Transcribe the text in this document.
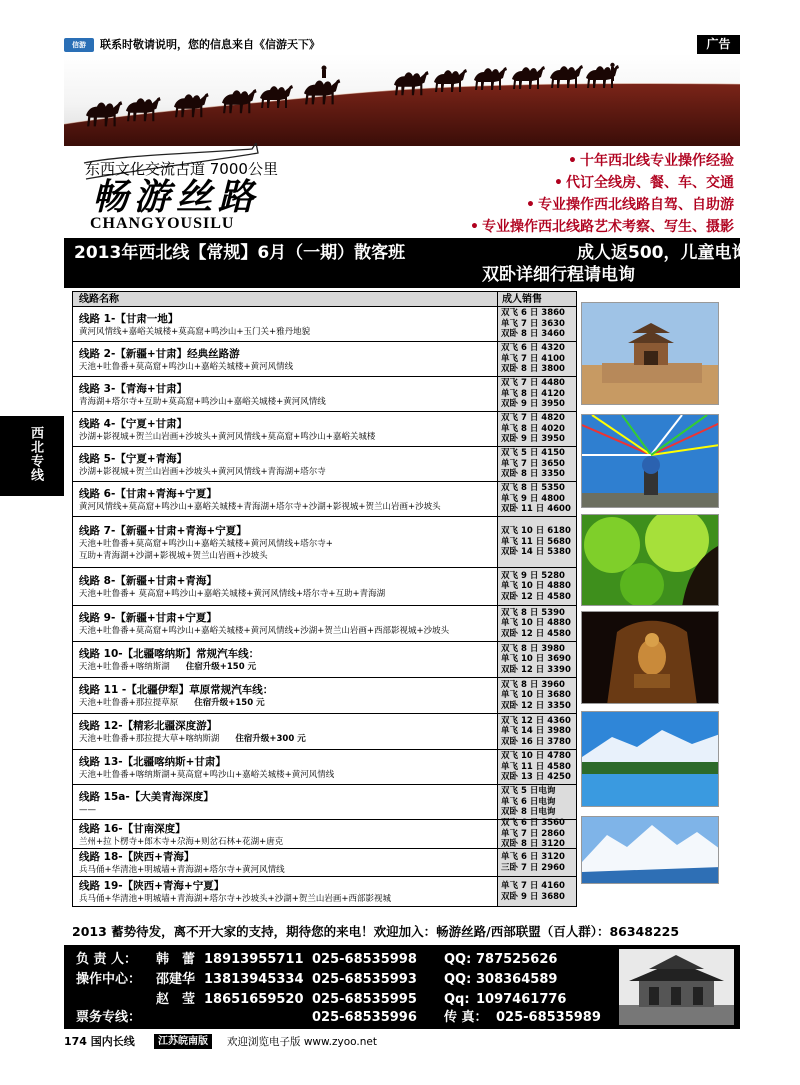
信游	联系时敬请说明，您的信息来自《信游天下》	广告
东西文化交流古道 7000公里
畅游丝路
CHANGYOUSILU
• 十年西北线专业操作经验
• 代订全线房、餐、车、交通
• 专业操作西北线路自驾、自助游
• 专业操作西北线路艺术考察、写生、摄影
2013年西北线【常规】6月（一期）散客班	成人返500，儿童电询
双卧详细行程请电询
西北专线
线路名称	成人销售
线路 1-【甘肃一地】
黄河风情线+嘉峪关城楼+莫高窟+鸣沙山+玉门关+雅丹地貌
双飞 6 日 3860
单飞 7 日 3630
双卧 8 日 3460
线路 2-【新疆+甘肃】经典丝路游
天池+吐鲁番+莫高窟+鸣沙山+嘉峪关城楼+黄河风情线
双飞 6 日 4320
单飞 7 日 4100
双卧 8 日 3800
线路 3-【青海+甘肃】
青海湖+塔尔寺+互助+莫高窟+鸣沙山+嘉峪关城楼+黄河风情线
双飞 7 日 4480
单飞 8 日 4120
双卧 9 日 3950
线路 4-【宁夏+甘肃】
沙湖+影视城+贺兰山岩画+沙坡头+黄河风情线+莫高窟+鸣沙山+嘉峪关城楼
双飞 7 日 4820
单飞 8 日 4020
双卧 9 日 3950
线路 5-【宁夏+青海】
沙湖+影视城+贺兰山岩画+沙坡头+黄河风情线+青海湖+塔尔寺
双飞 5 日 4150
单飞 7 日 3650
双卧 8 日 3350
线路 6-【甘肃+青海+宁夏】
黄河风情线+莫高窟+鸣沙山+嘉峪关城楼+青海湖+塔尔寺+沙湖+影视城+贺兰山岩画+沙坡头
双飞 8 日 5350
单飞 9 日 4800
双卧 11 日 4600
线路 7-【新疆+甘肃+青海+宁夏】
天池+吐鲁番+莫高窟+鸣沙山+嘉峪关城楼+黄河风情线+塔尔寺+
互助+青海湖+沙湖+影视城+贺兰山岩画+沙坡头
双飞 10 日 6180
单飞 11 日 5680
双卧 14 日 5380
线路 8-【新疆+甘肃+青海】
天池+吐鲁番+ 莫高窟+鸣沙山+嘉峪关城楼+黄河风情线+塔尔寺+互助+青海湖
双飞 9 日 5280
单飞 10 日 4880
双卧 12 日 4580
线路 9-【新疆+甘肃+宁夏】
天池+吐鲁番+莫高窟+鸣沙山+嘉峪关城楼+黄河风情线+沙湖+贺兰山岩画+西部影视城+沙坡头
双飞 8 日 5390
单飞 10 日 4880
双卧 12 日 4580
线路 10-【北疆喀纳斯】常规汽车线：
天池+吐鲁番+喀纳斯湖 住宿升级+150 元
双飞 8 日 3980
单飞 10 日 3690
双卧 12 日 3390
线路 11 -【北疆伊犁】草原常规汽车线：
天池+吐鲁番+那拉提草原 住宿升级+150 元
双飞 8 日 3960
单飞 10 日 3680
双卧 12 日 3350
线路 12-【精彩北疆深度游】
天池+吐鲁番+那拉提大草+喀纳斯湖 住宿升级+300 元
双飞 12 日 4360
单飞 14 日 3980
双卧 16 日 3780
线路 13-【北疆喀纳斯+甘肃】
天池+吐鲁番+喀纳斯湖+莫高窟+鸣沙山+嘉峪关城楼+黄河风情线
双飞 10 日 4780
单飞 11 日 4580
双卧 13 日 4250
线路 15a-【大美青海深度】
——
双飞 5 日电询
单飞 6 日电询
双卧 8 日电询
线路 16-【甘南深度】
兰州+拉卜楞寺+郎木寺+尕海+则岔石林+花湖+唐克
双飞 6 日 3560
单飞 7 日 2860
双卧 8 日 3120
线路 18-【陕西+青海】
兵马俑+华清池+明城墙+青海湖+塔尔寺+黄河风情线
单飞 6 日 3120
三卧 7 日 2960
线路 19-【陕西+青海+宁夏】
兵马俑+华清池+明城墙+青海湖+塔尔寺+沙坡头+沙湖+贺兰山岩画+西部影视城
单飞 7 日 4160
双卧 9 日 3680
2013 蓄势待发，离不开大家的支持，期待您的来电！欢迎加入：畅游丝路/西部联盟（百人群）：86348225
负 责 人： 韩　蕾 18913955711 025-68535998 QQ: 787525626
操作中心： 邵建华 13813945334 025-68535993 QQ: 308364589
赵　莹 18651659520 025-68535995 Qq: 1097461776
票务专线：	025-68535996 传 真： 025-68535989
174 国内长线	江苏皖南版	欢迎浏览电子版 www.zyoo.net
